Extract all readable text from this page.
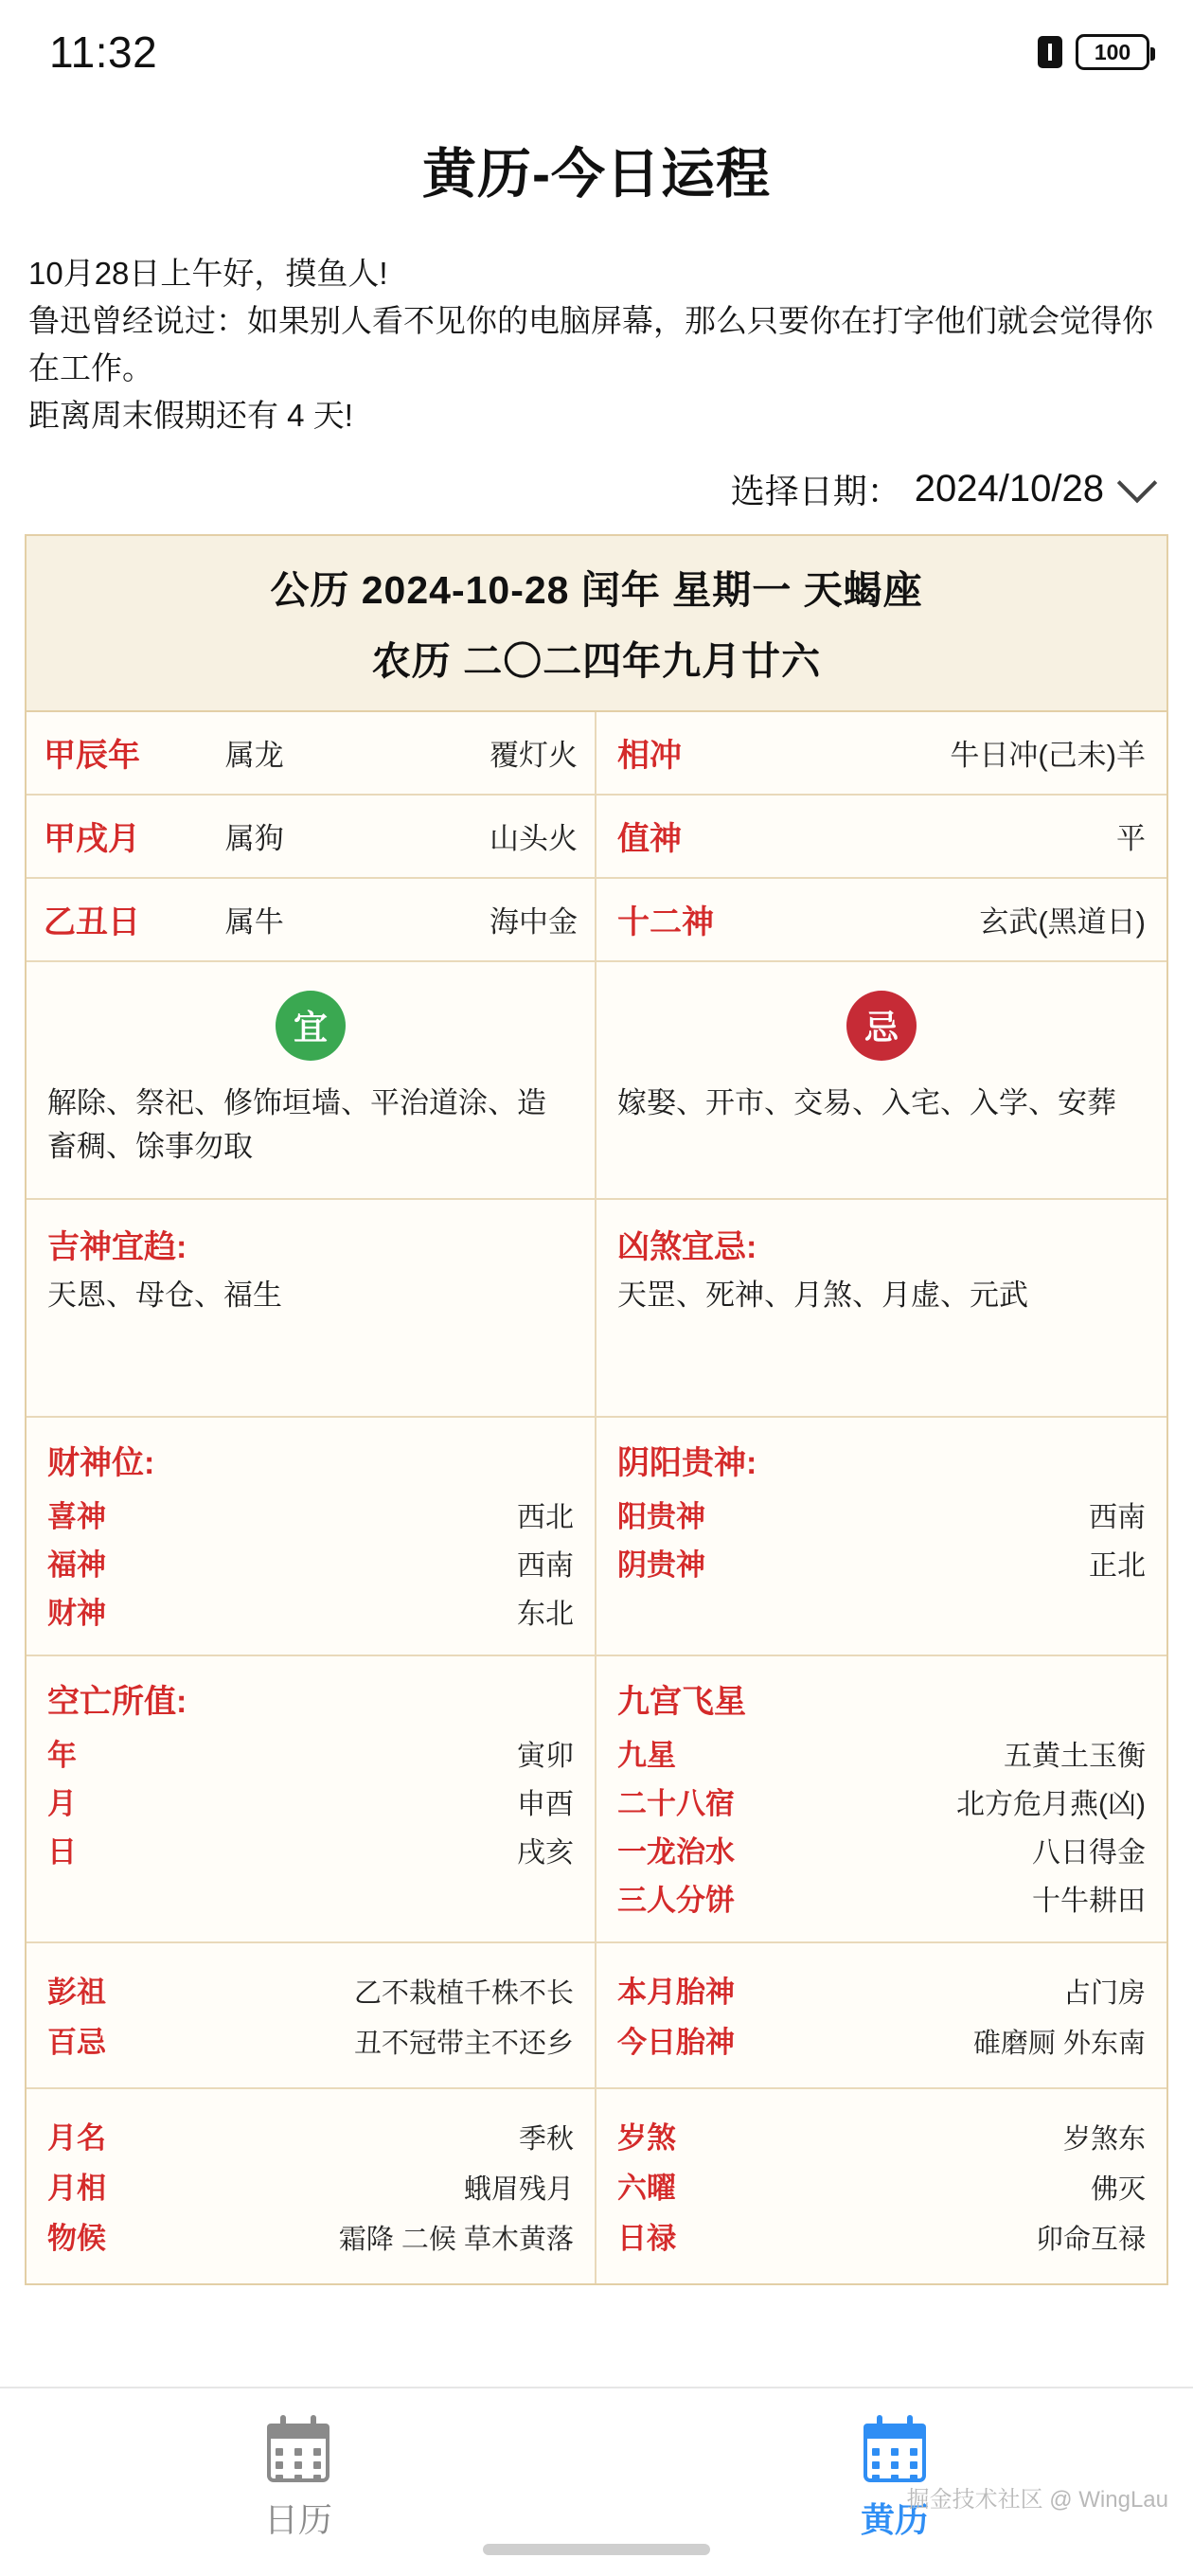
11:32	100
黄历-今日运程

10月28日上午好，摸鱼人!

鲁迅曾经说过：如果别人看不见你的电脑屏幕，那么只要你在打字他们就会觉得你在工作。

距离周末假期还有 4 天!

选择日期： 2024/10/28
公历 2024-10-28 闰年 星期一 天蝎座
农历 二〇二四年九月廿六
甲辰年	属龙	覆灯火
甲戌月	属狗	山头火
乙丑日	属牛	海中金
相冲	牛日冲(己未)羊
值神	平
十二神	玄武(黑道日)
宜
解除、祭祀、修饰垣墙、平治道涂、造畜稠、馀事勿取
忌
嫁娶、开市、交易、入宅、入学、安葬
吉神宜趋:
天恩、母仓、福生
凶煞宜忌:
天罡、死神、月煞、月虚、元武
财神位:
喜神	西北
福神	西南
财神	东北
阴阳贵神:
阳贵神	西南
阴贵神	正北
空亡所值:
年	寅卯
月	申酉
日	戌亥
九宫飞星
九星	五黄土玉衡
二十八宿	北方危月燕(凶)
一龙治水	八日得金
三人分饼	十牛耕田
彭祖	乙不栽植千株不长
百忌	丑不冠带主不还乡
本月胎神	占门房
今日胎神	碓磨厕 外东南
月名	季秋
月相	蛾眉残月
物候	霜降 二候 草木黄落
岁煞	岁煞东
六曜	佛灭
日禄	卯命互禄
日历	黄历
掘金技术社区 @ WingLau
